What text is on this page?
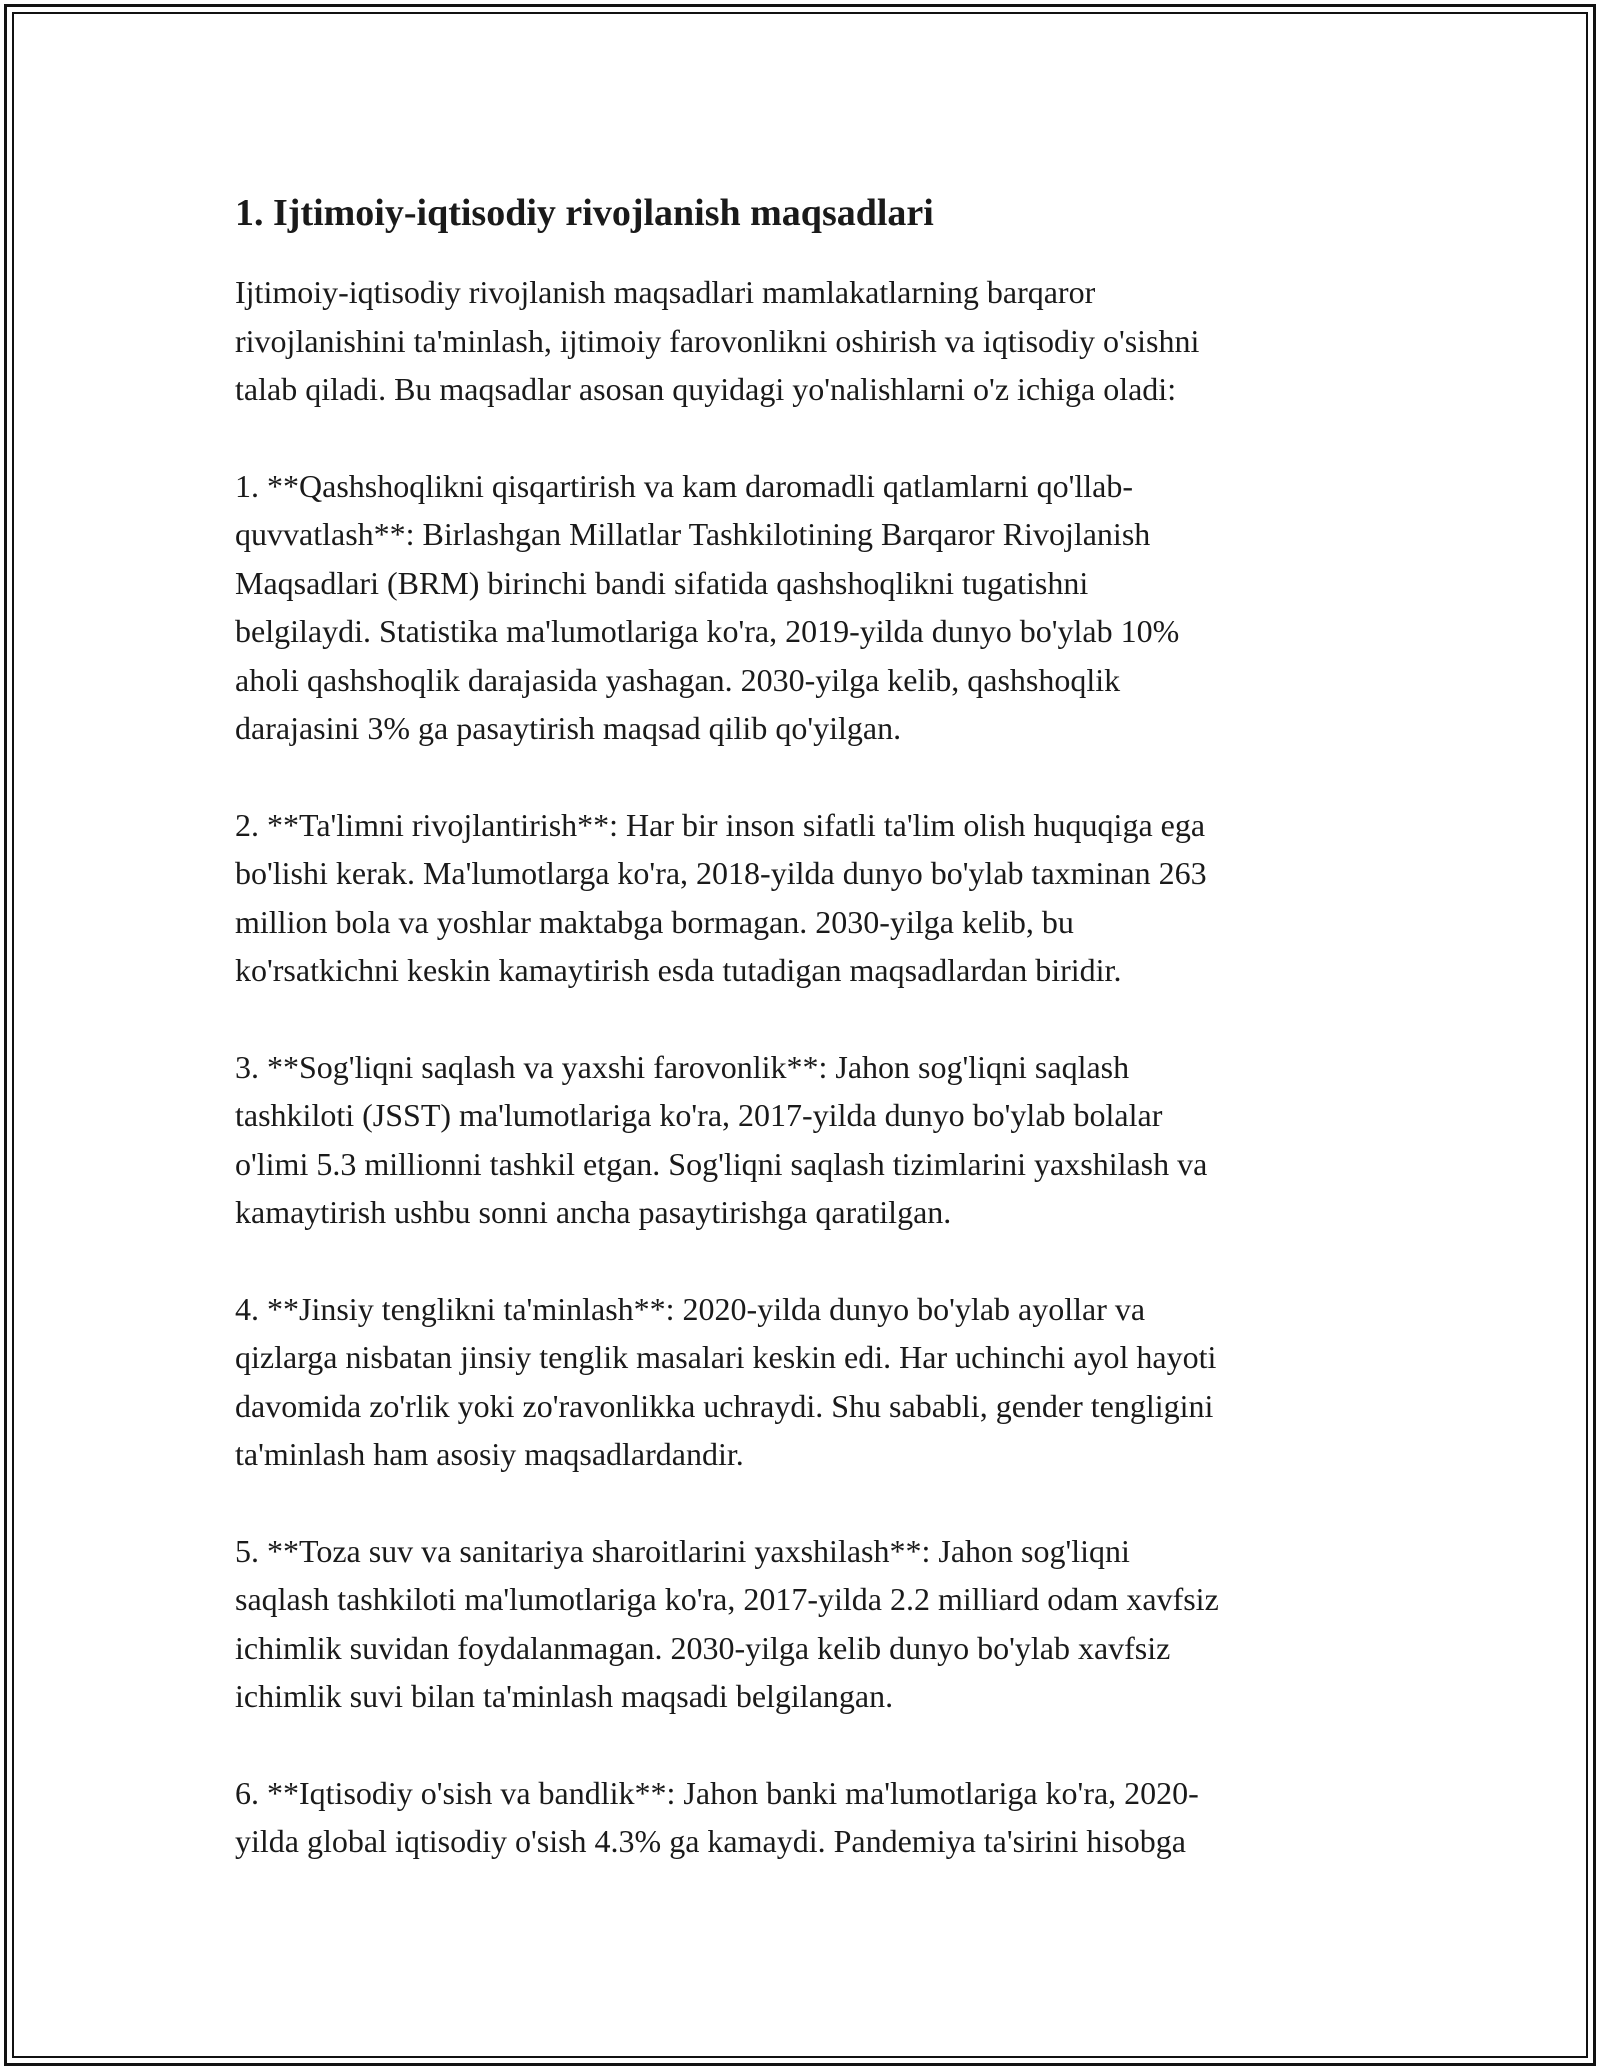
1. Ijtimoiy-iqtisodiy rivojlanish maqsadlari

Ijtimoiy-iqtisodiy rivojlanish maqsadlari mamlakatlarning barqaror
rivojlanishini ta'minlash, ijtimoiy farovonlikni oshirish va iqtisodiy o'sishni
talab qiladi. Bu maqsadlar asosan quyidagi yo'nalishlarni o'z ichiga oladi:

1. **Qashshoqlikni qisqartirish va kam daromadli qatlamlarni qo'llab-
quvvatlash**: Birlashgan Millatlar Tashkilotining Barqaror Rivojlanish
Maqsadlari (BRM) birinchi bandi sifatida qashshoqlikni tugatishni
belgilaydi. Statistika ma'lumotlariga ko'ra, 2019-yilda dunyo bo'ylab 10%
aholi qashshoqlik darajasida yashagan. 2030-yilga kelib, qashshoqlik
darajasini 3% ga pasaytirish maqsad qilib qo'yilgan.

2. **Ta'limni rivojlantirish**: Har bir inson sifatli ta'lim olish huquqiga ega
bo'lishi kerak. Ma'lumotlarga ko'ra, 2018-yilda dunyo bo'ylab taxminan 263
million bola va yoshlar maktabga bormagan. 2030-yilga kelib, bu
ko'rsatkichni keskin kamaytirish esda tutadigan maqsadlardan biridir.

3. **Sog'liqni saqlash va yaxshi farovonlik**: Jahon sog'liqni saqlash
tashkiloti (JSST) ma'lumotlariga ko'ra, 2017-yilda dunyo bo'ylab bolalar
o'limi 5.3 millionni tashkil etgan. Sog'liqni saqlash tizimlarini yaxshilash va
kamaytirish ushbu sonni ancha pasaytirishga qaratilgan.

4. **Jinsiy tenglikni ta'minlash**: 2020-yilda dunyo bo'ylab ayollar va
qizlarga nisbatan jinsiy tenglik masalari keskin edi. Har uchinchi ayol hayoti
davomida zo'rlik yoki zo'ravonlikka uchraydi. Shu sababli, gender tengligini
ta'minlash ham asosiy maqsadlardandir.

5. **Toza suv va sanitariya sharoitlarini yaxshilash**: Jahon sog'liqni
saqlash tashkiloti ma'lumotlariga ko'ra, 2017-yilda 2.2 milliard odam xavfsiz
ichimlik suvidan foydalanmagan. 2030-yilga kelib dunyo bo'ylab xavfsiz
ichimlik suvi bilan ta'minlash maqsadi belgilangan.

6. **Iqtisodiy o'sish va bandlik**: Jahon banki ma'lumotlariga ko'ra, 2020-
yilda global iqtisodiy o'sish 4.3% ga kamaydi. Pandemiya ta'sirini hisobga
